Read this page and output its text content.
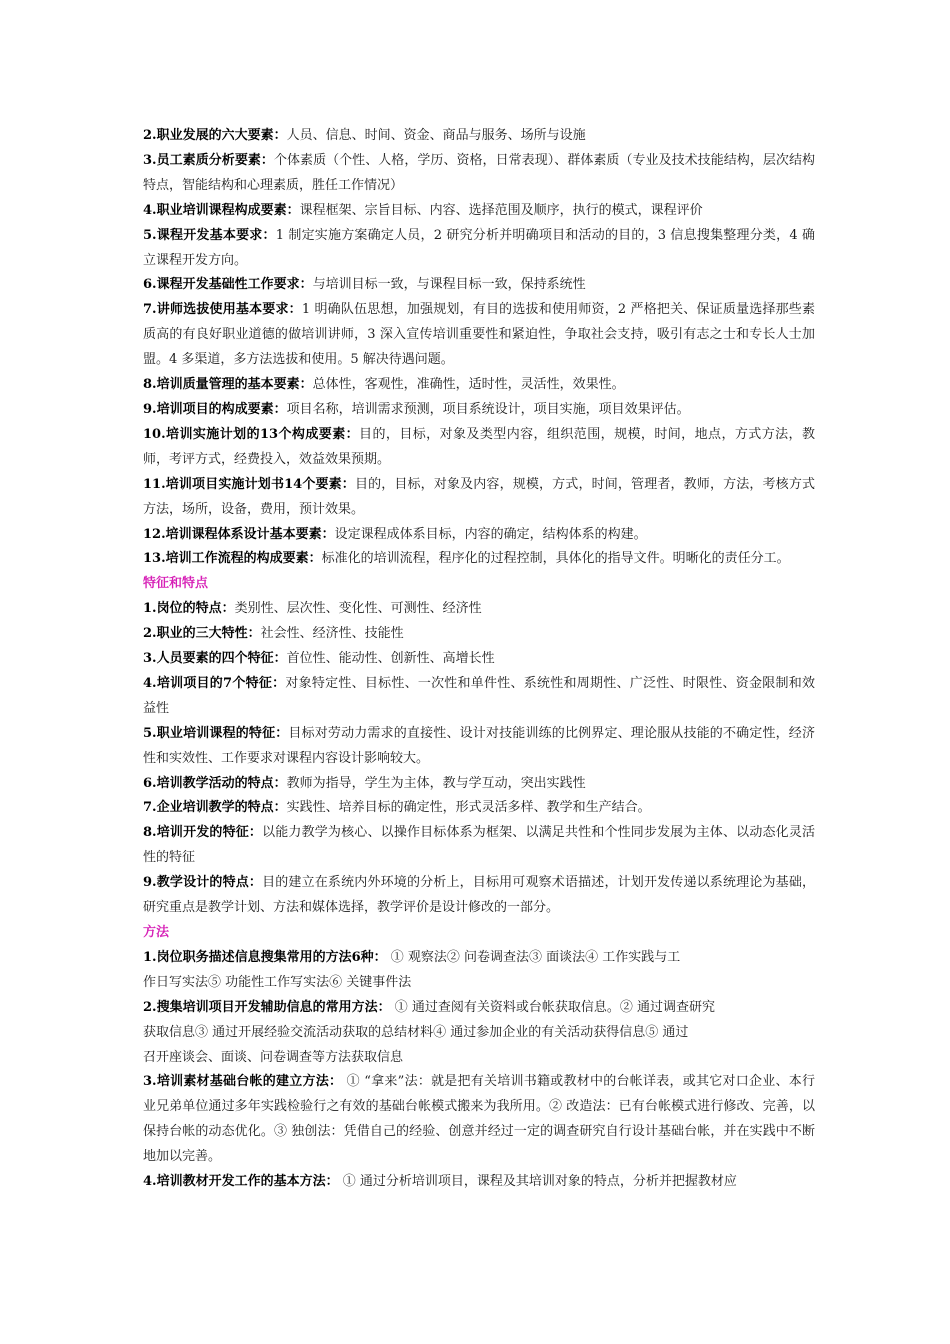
2.职业发展的六大要素：人员、信息、时间、资金、商品与服务、场所与设施

3.员工素质分析要素：个体素质（个性、人格，学历、资格，日常表现）、群体素质（专业及技术技能结构，层次结构特点，智能结构和心理素质，胜任工作情况）

4.职业培训课程构成要素：课程框架、宗旨目标、内容、选择范围及顺序，执行的模式，课程评价

5.课程开发基本要求：1 制定实施方案确定人员，2 研究分析并明确项目和活动的目的，3 信息搜集整理分类，4 确立课程开发方向。

6.课程开发基础性工作要求：与培训目标一致，与课程目标一致，保持系统性

7.讲师选拔使用基本要求：1 明确队伍思想，加强规划，有目的选拔和使用师资，2 严格把关、保证质量选择那些素质高的有良好职业道德的做培训讲师，3 深入宣传培训重要性和紧迫性，争取社会支持，吸引有志之士和专长人士加盟。4 多渠道，多方法选拔和使用。5 解决待遇问题。

8.培训质量管理的基本要素：总体性，客观性，准确性，适时性，灵活性，效果性。

9.培训项目的构成要素：项目名称，培训需求预测，项目系统设计，项目实施，项目效果评估。

10.培训实施计划的13个构成要素：目的，目标，对象及类型内容，组织范围，规模，时间，地点，方式方法，教师，考评方式，经费投入，效益效果预期。

11.培训项目实施计划书14个要素：目的，目标，对象及内容，规模，方式，时间，管理者，教师，方法，考核方式方法，场所，设备，费用，预计效果。

12.培训课程体系设计基本要素：设定课程成体系目标，内容的确定，结构体系的构建。

13.培训工作流程的构成要素：标准化的培训流程，程序化的过程控制，具体化的指导文件。明晰化的责任分工。

特征和特点

1.岗位的特点：类别性、层次性、变化性、可测性、经济性

2.职业的三大特性：社会性、经济性、技能性

3.人员要素的四个特征：首位性、能动性、创新性、高增长性

4.培训项目的7个特征：对象特定性、目标性、一次性和单件性、系统性和周期性、广泛性、时限性、资金限制和效益性

5.职业培训课程的特征：目标对劳动力需求的直接性、设计对技能训练的比例界定、理论服从技能的不确定性，经济性和实效性、工作要求对课程内容设计影响较大。

6.培训教学活动的特点：教师为指导，学生为主体，教与学互动，突出实践性

7.企业培训教学的特点：实践性、培养目标的确定性，形式灵活多样、教学和生产结合。

8.培训开发的特征：以能力教学为核心、以操作目标体系为框架、以满足共性和个性同步发展为主体、以动态化灵活性的特征

9.教学设计的特点：目的建立在系统内外环境的分析上，目标用可观察术语描述，计划开发传递以系统理论为基础，研究重点是教学计划、方法和媒体选择，教学评价是设计修改的一部分。

方法

1.岗位职务描述信息搜集常用的方法6种： ① 观察法② 问卷调查法③ 面谈法④ 工作实践与工
作日写实法⑤ 功能性工作写实法⑥ 关键事件法

2.搜集培训项目开发辅助信息的常用方法： ① 通过查阅有关资料或台帐获取信息。② 通过调查研究
获取信息③ 通过开展经验交流活动获取的总结材料④ 通过参加企业的有关活动获得信息⑤ 通过
召开座谈会、面谈、问卷调查等方法获取信息

3.培训素材基础台帐的建立方法： ① “拿来”法：就是把有关培训书籍或教材中的台帐详表，或其它对口企业、本行业兄弟单位通过多年实践检验行之有效的基础台帐模式搬来为我所用。② 改造法：已有台帐模式进行修改、完善，以保持台帐的动态优化。③ 独创法：凭借自己的经验、创意并经过一定的调查研究自行设计基础台帐，并在实践中不断地加以完善。

4.培训教材开发工作的基本方法： ① 通过分析培训项目，课程及其培训对象的特点，分析并把握教材应
